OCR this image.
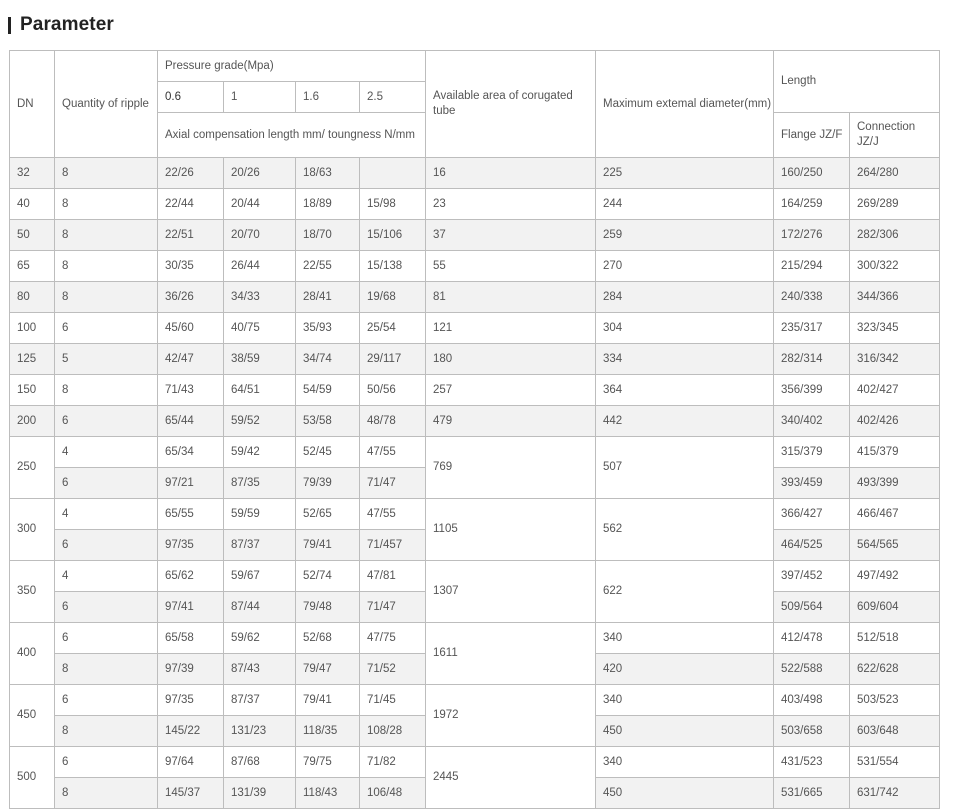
Parameter
DN	Quantity of ripple	Pressure grade(Mpa)				Available area of corugated tube	Maximum extemal diameter(mm)	Length	
		0.6	1	1.6	2.5				
		Axial compensation length mm/ toungness N/mm						Flange JZ/F	Connection JZ/J
32	8	22/26	20/26	18/63		16	225	160/250	264/280
40	8	22/44	20/44	18/89	15/98	23	244	164/259	269/289
50	8	22/51	20/70	18/70	15/106	37	259	172/276	282/306
65	8	30/35	26/44	22/55	15/138	55	270	215/294	300/322
80	8	36/26	34/33	28/41	19/68	81	284	240/338	344/366
100	6	45/60	40/75	35/93	25/54	121	304	235/317	323/345
125	5	42/47	38/59	34/74	29/117	180	334	282/314	316/342
150	8	71/43	64/51	54/59	50/56	257	364	356/399	402/427
200	6	65/44	59/52	53/58	48/78	479	442	340/402	402/426
250	4	65/34	59/42	52/45	47/55	769	507	315/379	415/379
	6	97/21	87/35	79/39	71/47			393/459	493/399
300	4	65/55	59/59	52/65	47/55	1105	562	366/427	466/467
	6	97/35	87/37	79/41	71/457			464/525	564/565
350	4	65/62	59/67	52/74	47/81	1307	622	397/452	497/492
	6	97/41	87/44	79/48	71/47			509/564	609/604
400	6	65/58	59/62	52/68	47/75	1611	340	412/478	512/518
	8	97/39	87/43	79/47	71/52		420	522/588	622/628
450	6	97/35	87/37	79/41	71/45	1972	340	403/498	503/523
	8	145/22	131/23	118/35	108/28		450	503/658	603/648
500	6	97/64	87/68	79/75	71/82	2445	340	431/523	531/554
	8	145/37	131/39	118/43	106/48		450	531/665	631/742
